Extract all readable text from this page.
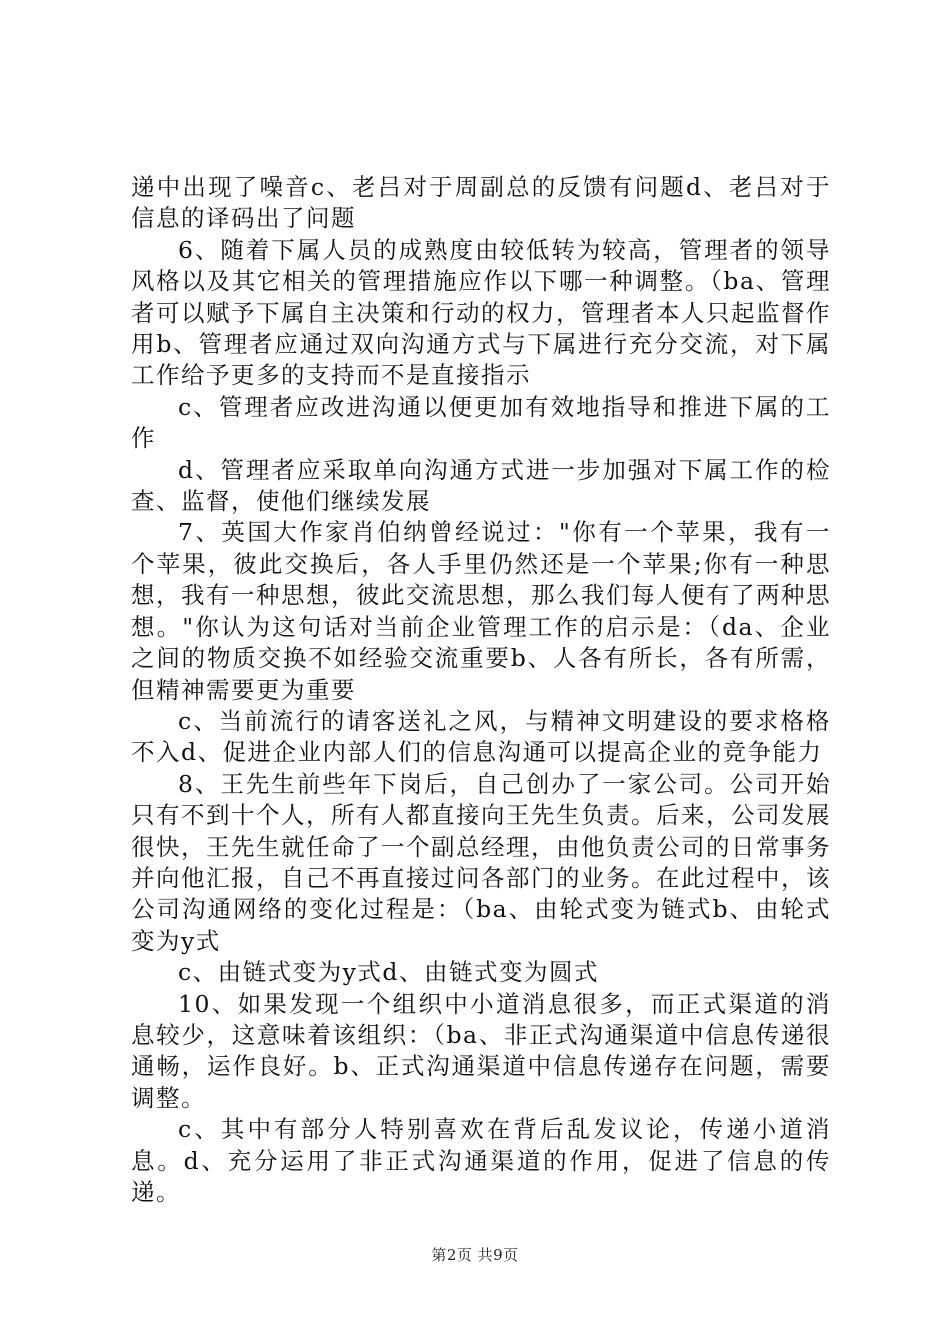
递中出现了噪音c、老吕对于周副总的反馈有问题d、老吕对于信息的译码出了问题

6、随着下属人员的成熟度由较低转为较高，管理者的领导风格以及其它相关的管理措施应作以下哪一种调整。（ba、管理者可以赋予下属自主决策和行动的权力，管理者本人只起监督作用b、管理者应通过双向沟通方式与下属进行充分交流，对下属工作给予更多的支持而不是直接指示

c、管理者应改进沟通以便更加有效地指导和推进下属的工作

d、管理者应采取单向沟通方式进一步加强对下属工作的检查、监督，使他们继续发展

7、英国大作家肖伯纳曾经说过："你有一个苹果，我有一个苹果，彼此交换后，各人手里仍然还是一个苹果;你有一种思想，我有一种思想，彼此交流思想，那么我们每人便有了两种思想。"你认为这句话对当前企业管理工作的启示是：（da、企业之间的物质交换不如经验交流重要b、人各有所长，各有所需，但精神需要更为重要

c、当前流行的请客送礼之风，与精神文明建设的要求格格不入d、促进企业内部人们的信息沟通可以提高企业的竞争能力

8、王先生前些年下岗后，自己创办了一家公司。公司开始只有不到十个人，所有人都直接向王先生负责。后来，公司发展很快，王先生就任命了一个副总经理，由他负责公司的日常事务并向他汇报，自己不再直接过问各部门的业务。在此过程中，该公司沟通网络的变化过程是：（ba、由轮式变为链式b、由轮式变为y式

c、由链式变为y式d、由链式变为圆式

10、如果发现一个组织中小道消息很多，而正式渠道的消息较少，这意味着该组织：（ba、非正式沟通渠道中信息传递很通畅，运作良好。b、正式沟通渠道中信息传递存在问题，需要调整。

c、其中有部分人特别喜欢在背后乱发议论，传递小道消息。d、充分运用了非正式沟通渠道的作用，促进了信息的传递。

第2页 共9页
